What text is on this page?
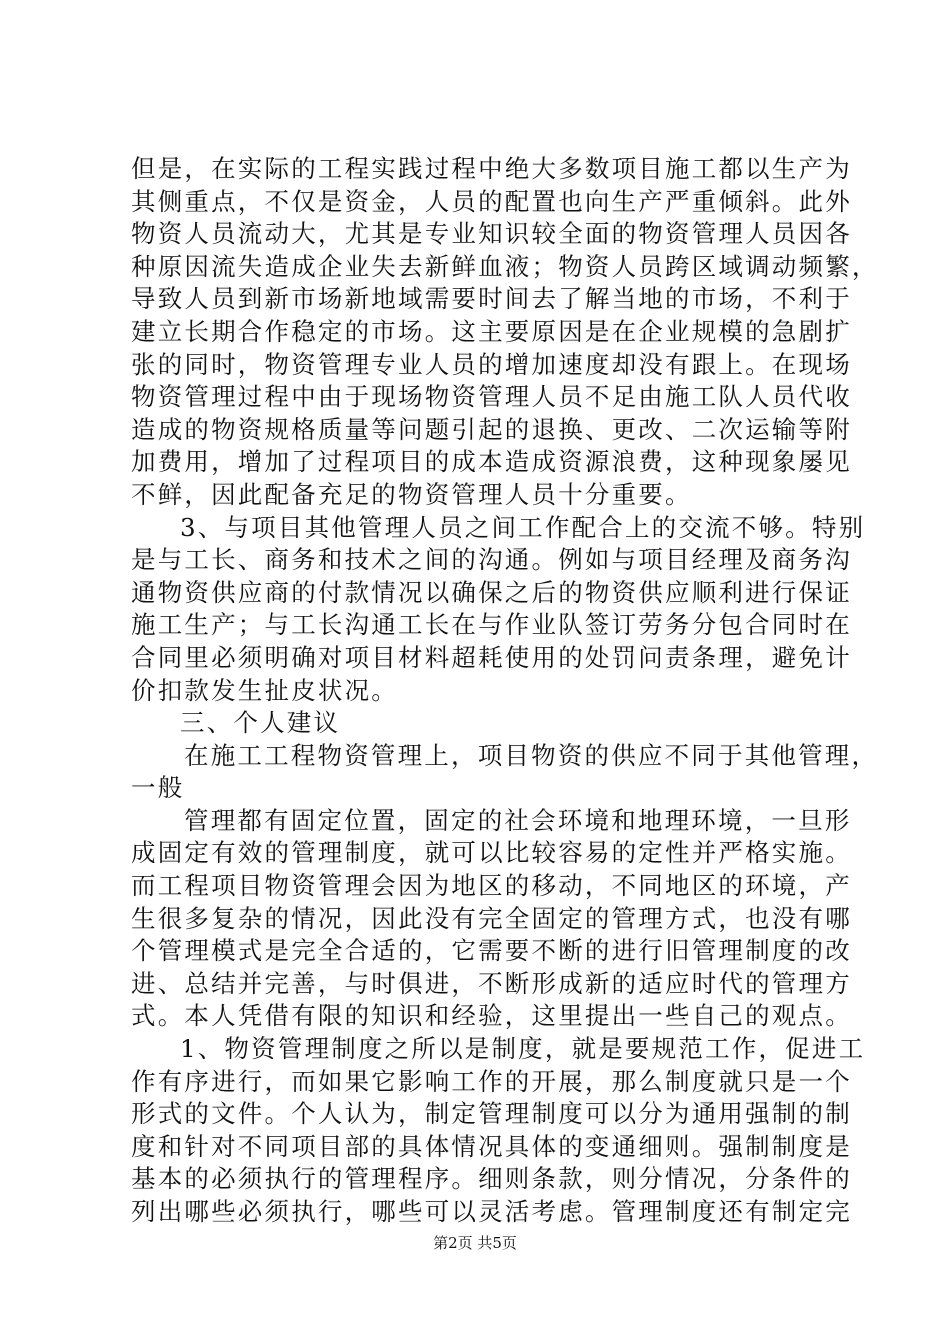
但是，在实际的工程实践过程中绝大多数项目施工都以生产为
其侧重点，不仅是资金，人员的配置也向生产严重倾斜。此外
物资人员流动大，尤其是专业知识较全面的物资管理人员因各
种原因流失造成企业失去新鲜血液；物资人员跨区域调动频繁，
导致人员到新市场新地域需要时间去了解当地的市场，不利于
建立长期合作稳定的市场。这主要原因是在企业规模的急剧扩
张的同时，物资管理专业人员的增加速度却没有跟上。在现场
物资管理过程中由于现场物资管理人员不足由施工队人员代收
造成的物资规格质量等问题引起的退换、更改、二次运输等附
加费用，增加了过程项目的成本造成资源浪费，这种现象屡见
不鲜，因此配备充足的物资管理人员十分重要。
3、与项目其他管理人员之间工作配合上的交流不够。特别
是与工长、商务和技术之间的沟通。例如与项目经理及商务沟
通物资供应商的付款情况以确保之后的物资供应顺利进行保证
施工生产；与工长沟通工长在与作业队签订劳务分包合同时在
合同里必须明确对项目材料超耗使用的处罚问责条理，避免计
价扣款发生扯皮状况。
三、个人建议
在施工工程物资管理上，项目物资的供应不同于其他管理，
一般
管理都有固定位置，固定的社会环境和地理环境，一旦形
成固定有效的管理制度，就可以比较容易的定性并严格实施。
而工程项目物资管理会因为地区的移动，不同地区的环境，产
生很多复杂的情况，因此没有完全固定的管理方式，也没有哪
个管理模式是完全合适的，它需要不断的进行旧管理制度的改
进、总结并完善，与时俱进，不断形成新的适应时代的管理方
式。本人凭借有限的知识和经验，这里提出一些自己的观点。
1、物资管理制度之所以是制度，就是要规范工作，促进工
作有序进行，而如果它影响工作的开展，那么制度就只是一个
形式的文件。个人认为，制定管理制度可以分为通用强制的制
度和针对不同项目部的具体情况具体的变通细则。强制制度是
基本的必须执行的管理程序。细则条款，则分情况，分条件的
列出哪些必须执行，哪些可以灵活考虑。管理制度还有制定完
第2页 共5页
